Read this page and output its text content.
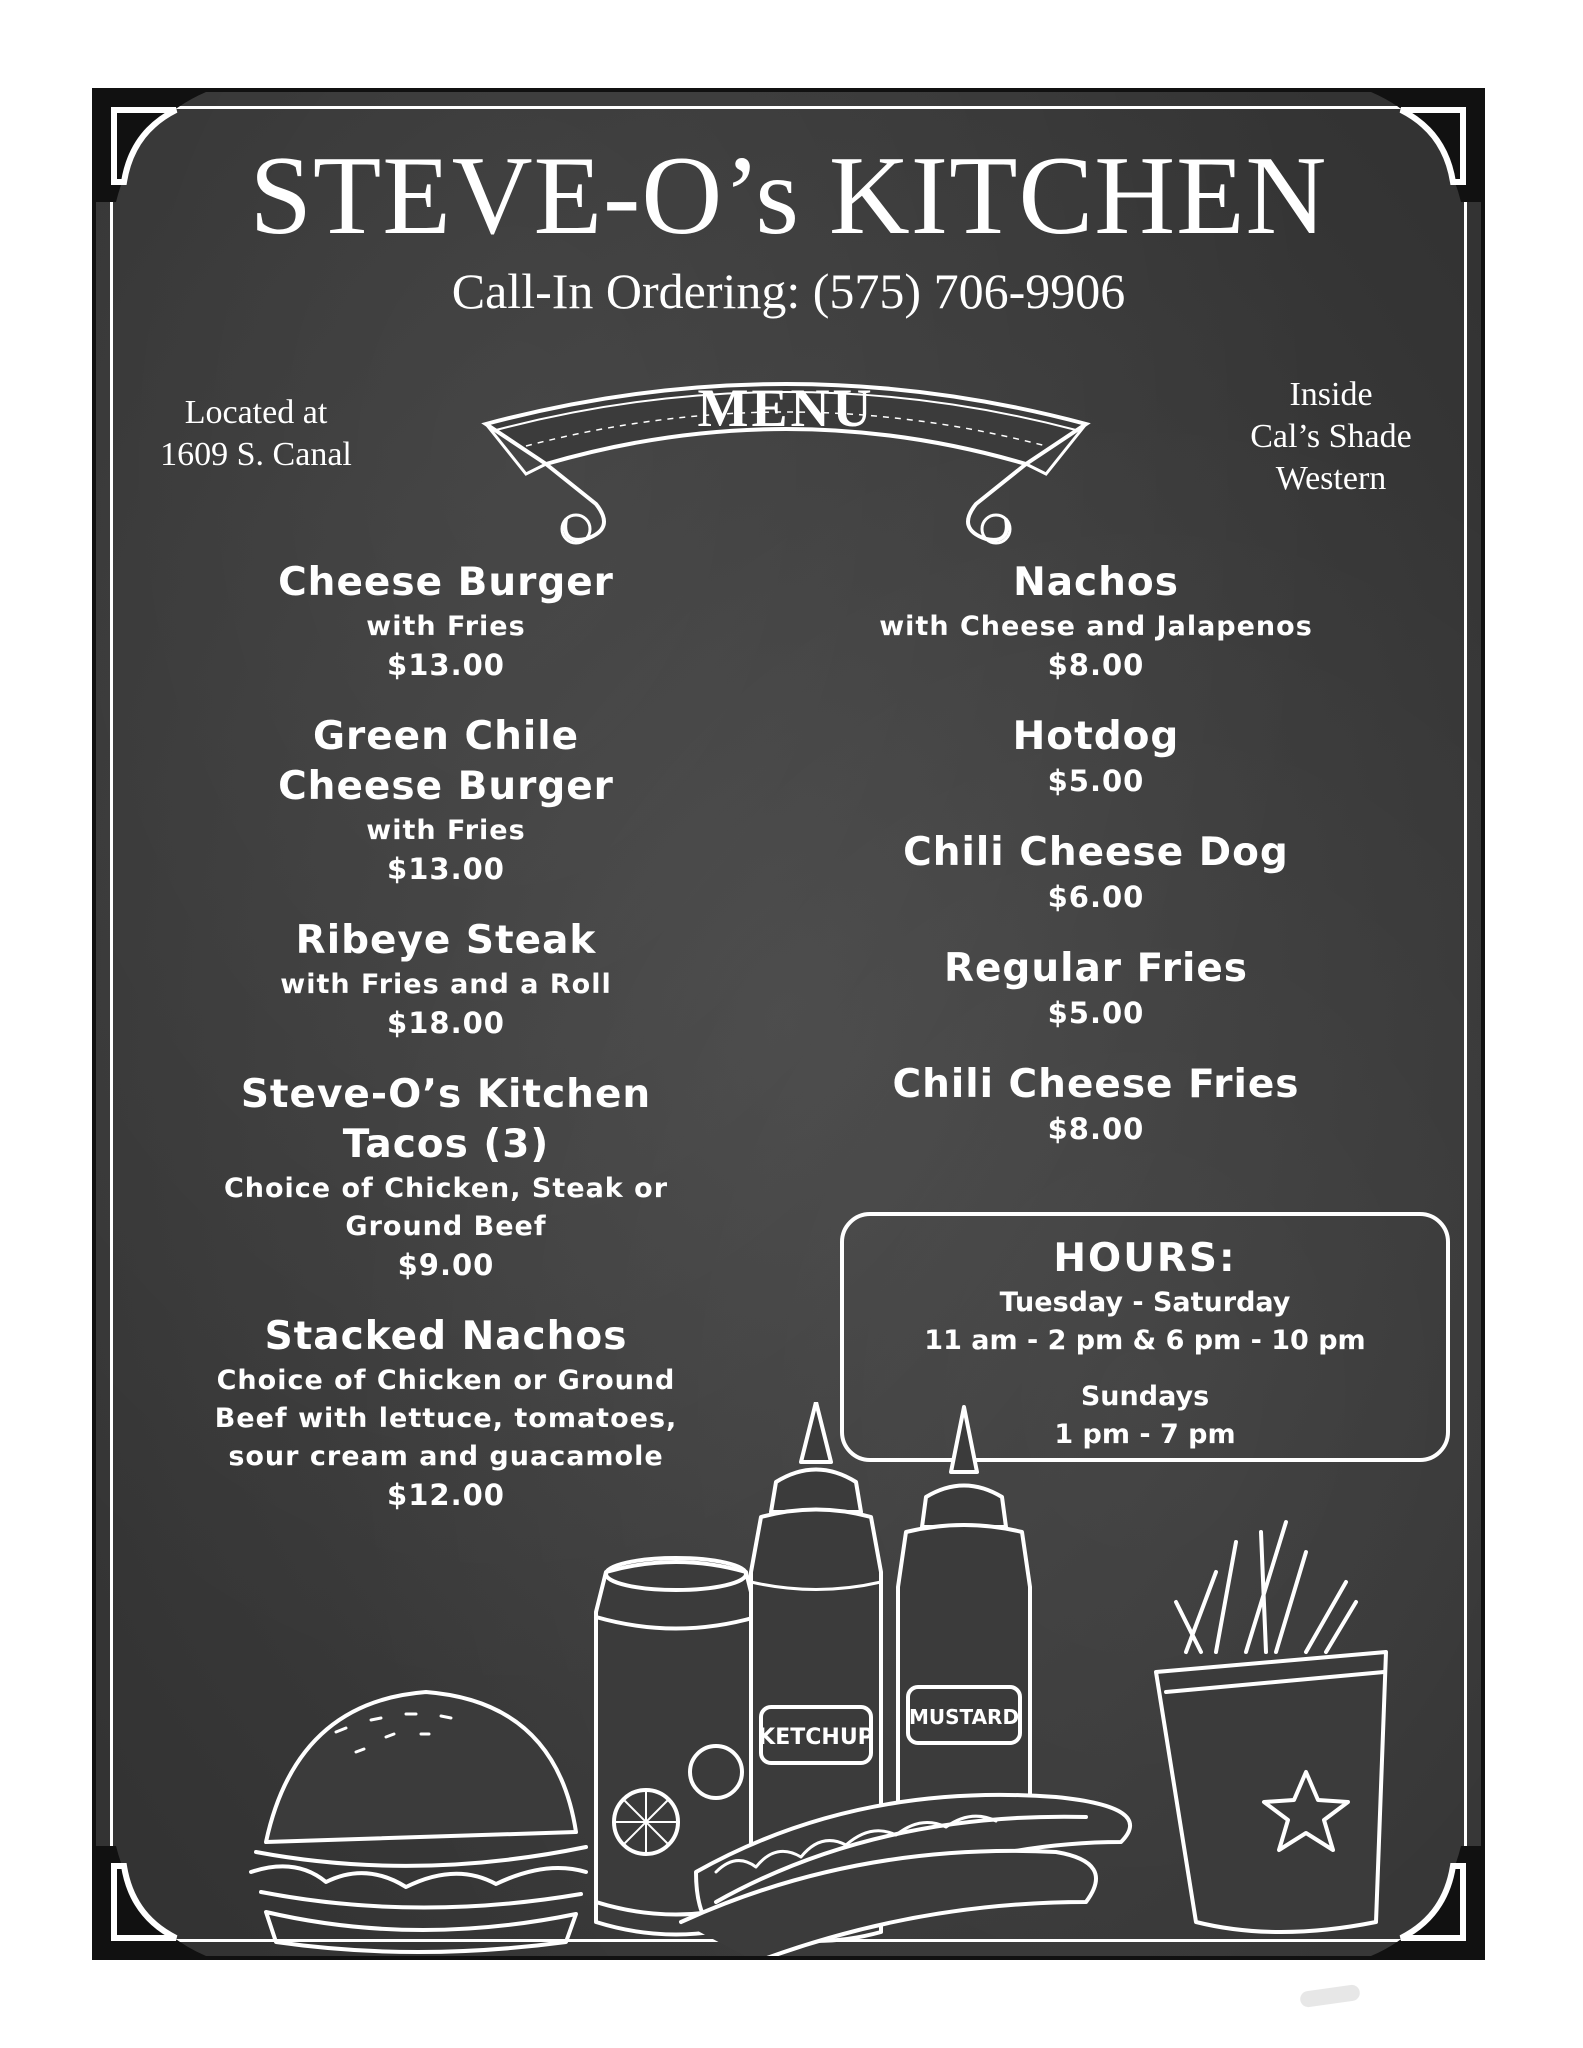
STEVE-O’s KITCHEN
Call-In Ordering: (575) 706-9906
Located at
1609 S. Canal
Inside
Cal’s Shade
Western
MENU
Cheese Burger
with Fries
$13.00
Green Chile
Cheese Burger
with Fries
$13.00
Ribeye Steak
with Fries and a Roll
$18.00
Steve-O’s Kitchen
Tacos (3)
Choice of Chicken, Steak or
Ground Beef
$9.00
Stacked Nachos
Choice of Chicken or Ground
Beef with lettuce, tomatoes,
sour cream and guacamole
$12.00
Nachos
with Cheese and Jalapenos
$8.00
Hotdog
$5.00
Chili Cheese Dog
$6.00
Regular Fries
$5.00
Chili Cheese Fries
$8.00
HOURS:
Tuesday - Saturday
11 am - 2 pm & 6 pm - 10 pm
Sundays
1 pm - 7 pm
KETCHUP
MUSTARD
